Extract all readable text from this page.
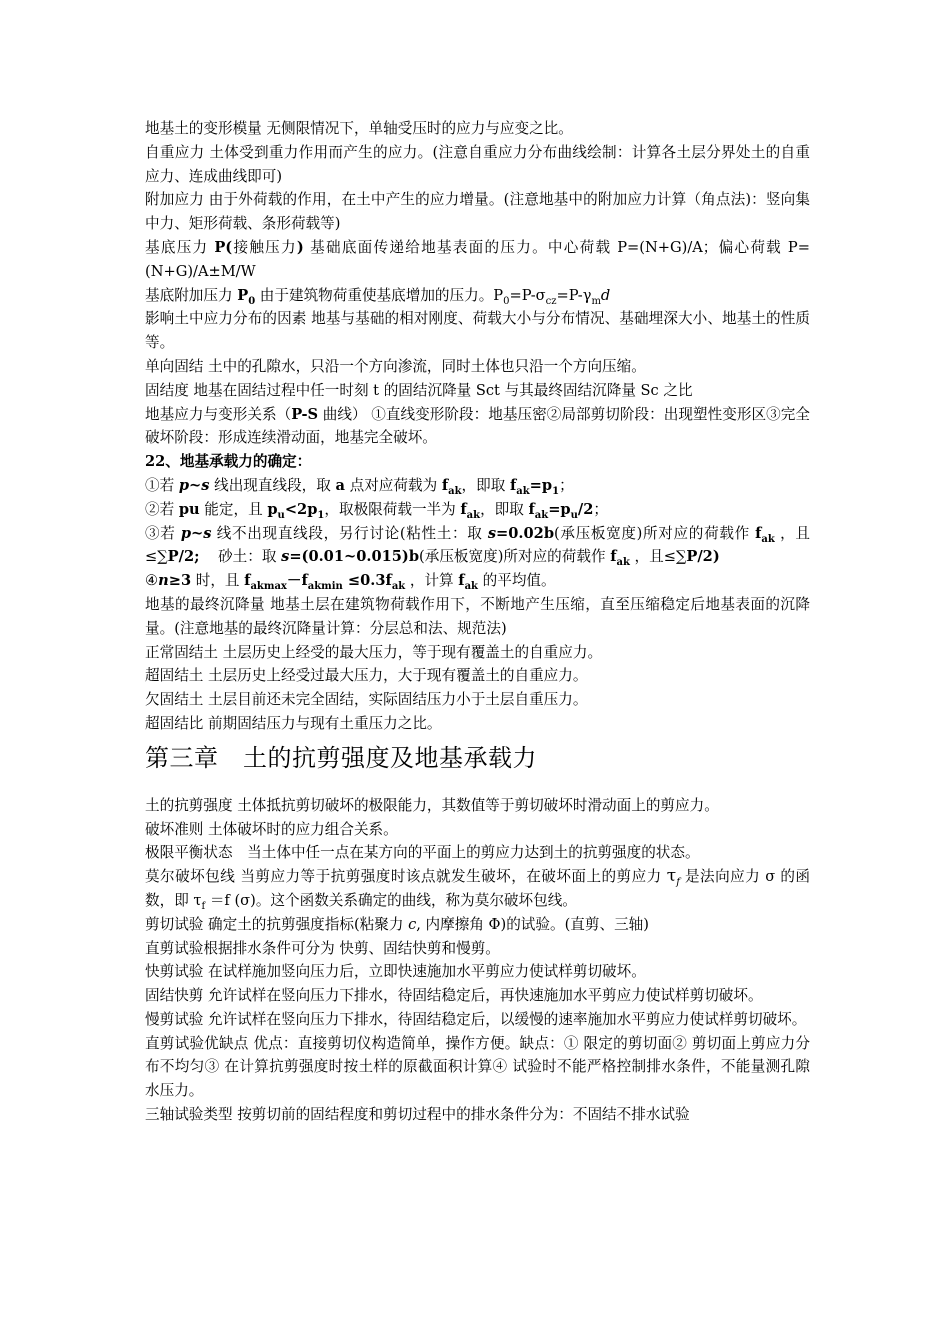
地基土的变形模量 无侧限情况下，单轴受压时的应力与应变之比。

自重应力 土体受到重力作用而产生的应力。(注意自重应力分布曲线绘制：计算各土层分界处土的自重应力、连成曲线即可)

附加应力 由于外荷载的作用，在土中产生的应力增量。(注意地基中的附加应力计算（角点法)：竖向集中力、矩形荷载、条形荷载等)

基底压力 P(接触压力) 基础底面传递给地基表面的压力。中心荷载 P=(N+G)/A；偏心荷载 P=(N+G)/A±M/W

基底附加压力 $P_0$ 由于建筑物荷重使基底增加的压力。$P_0=P-\sigma_{cz}=P-\gamma_md$

影响土中应力分布的因素 地基与基础的相对刚度、荷载大小与分布情况、基础埋深大小、地基土的性质等。

单向固结 土中的孔隙水，只沿一个方向渗流，同时土体也只沿一个方向压缩。

固结度 地基在固结过程中任一时刻 t 的固结沉降量 Sct 与其最终固结沉降量 Sc 之比

地基应力与变形关系（P-S 曲线） ①直线变形阶段：地基压密②局部剪切阶段：出现塑性变形区③完全破坏阶段：形成连续滑动面，地基完全破坏。

22、地基承载力的确定：

①若 p~s 线出现直线段，取 a 点对应荷载为 $f_{ak}$，即取 $f_{ak}=p_1$；

②若 pu 能定，且 $p_u<2p_1$，取极限荷载一半为 $f_{ak}$，即取 $f_{ak}=p_u/2$；

③若 p~s 线不出现直线段，另行讨论(粘性土：取 s=0.02b(承压板宽度)所对应的荷载作 $f_{ak}$ ，且≤∑P/2;    砂土：取 s=(0.01~0.015)b(承压板宽度)所对应的荷载作 $f_{ak}$ ，且≤∑P/2)

④n≥3 时，且 $f_{akmax}-f_{akmin} \le 0.3f_{ak}$ ，计算 $f_{ak}$ 的平均值。

地基的最终沉降量 地基土层在建筑物荷载作用下，不断地产生压缩，直至压缩稳定后地基表面的沉降量。(注意地基的最终沉降量计算：分层总和法、规范法)

正常固结土 土层历史上经受的最大压力，等于现有覆盖土的自重应力。

超固结土 土层历史上经受过最大压力，大于现有覆盖土的自重应力。

欠固结土 土层目前还未完全固结，实际固结压力小于土层自重压力。

超固结比 前期固结压力与现有土重压力之比。

第三章　土的抗剪强度及地基承载力

土的抗剪强度 土体抵抗剪切破坏的极限能力，其数值等于剪切破坏时滑动面上的剪应力。

破坏准则 土体破坏时的应力组合关系。

极限平衡状态　当土体中任一点在某方向的平面上的剪应力达到土的抗剪强度的状态。

莫尔破坏包线 当剪应力等于抗剪强度时该点就发生破坏，在破坏面上的剪应力 $\tau_f$ 是法向应力 σ 的函数，即 $\tau_f =f$ (σ)。这个函数关系确定的曲线，称为莫尔破坏包线。

剪切试验 确定土的抗剪强度指标(粘聚力 c, 内摩擦角 Φ)的试验。(直剪、三轴)

直剪试验根据排水条件可分为 快剪、固结快剪和慢剪。

快剪试验 在试样施加竖向压力后，立即快速施加水平剪应力使试样剪切破坏。

固结快剪 允许试样在竖向压力下排水，待固结稳定后，再快速施加水平剪应力使试样剪切破坏。

慢剪试验 允许试样在竖向压力下排水，待固结稳定后，以缓慢的速率施加水平剪应力使试样剪切破坏。

直剪试验优缺点 优点：直接剪切仪构造简单，操作方便。缺点：① 限定的剪切面② 剪切面上剪应力分布不均匀③ 在计算抗剪强度时按土样的原截面积计算④ 试验时不能严格控制排水条件，不能量测孔隙水压力。

三轴试验类型 按剪切前的固结程度和剪切过程中的排水条件分为：不固结不排水试验
